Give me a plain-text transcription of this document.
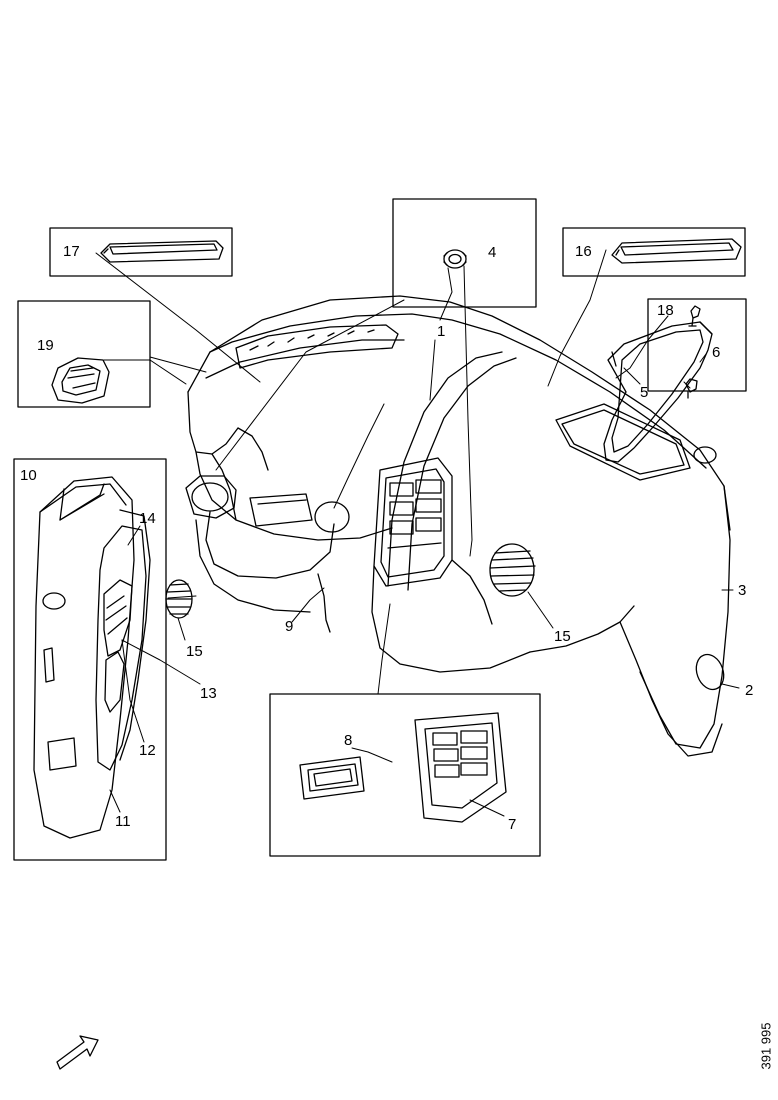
1
2
3
4
5
6
7
8
9
10
11
12
13
14
15
15
16
17
18
19
391 995
